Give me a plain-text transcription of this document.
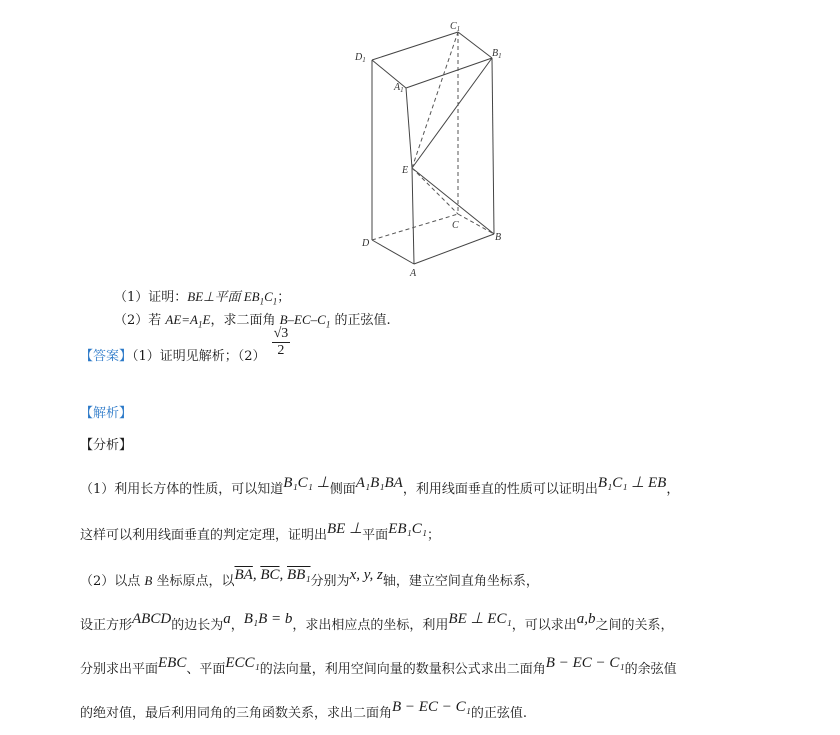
$C_1$
$D_1$
$B_1$
$A_1$
E
C
B
D
A
（1）证明：BE⊥平面 $EB_1C_1$；
（2）若 $AE=A_1E$，求二面角 $B-EC-C_1$ 的正弦值.
【答案】（1）证明见解析；$(2) \frac{√3}{2}$
【解析】
【分析】
（1）利用长方体的性质，可以知道B₁C₁ ⊥侧面A₁B₁BA，利用线面垂直的性质可以证明出B₁C₁ ⊥ EB，
这样可以利用线面垂直的判定定理，证明出BE ⊥平面EB₁C₁；
（2）以点 B 坐标原点，以$\overline{BA}$, $\overline{BC}$, BB₁分别为x, y, z轴，建立空间直角坐标系，
设正方形ABCD的边长为a，B₁B = b，求出相应点的坐标，利用BE ⊥ EC₁，可以求出a,b之间的关系，
分别求出平面EBC、平面ECC₁的法向量，利用空间向量的数量积公式求出二面角B − EC − C₁的余弦值
的绝对值，最后利用同角的三角函数关系，求出二面角B − EC − C₁的正弦值.
